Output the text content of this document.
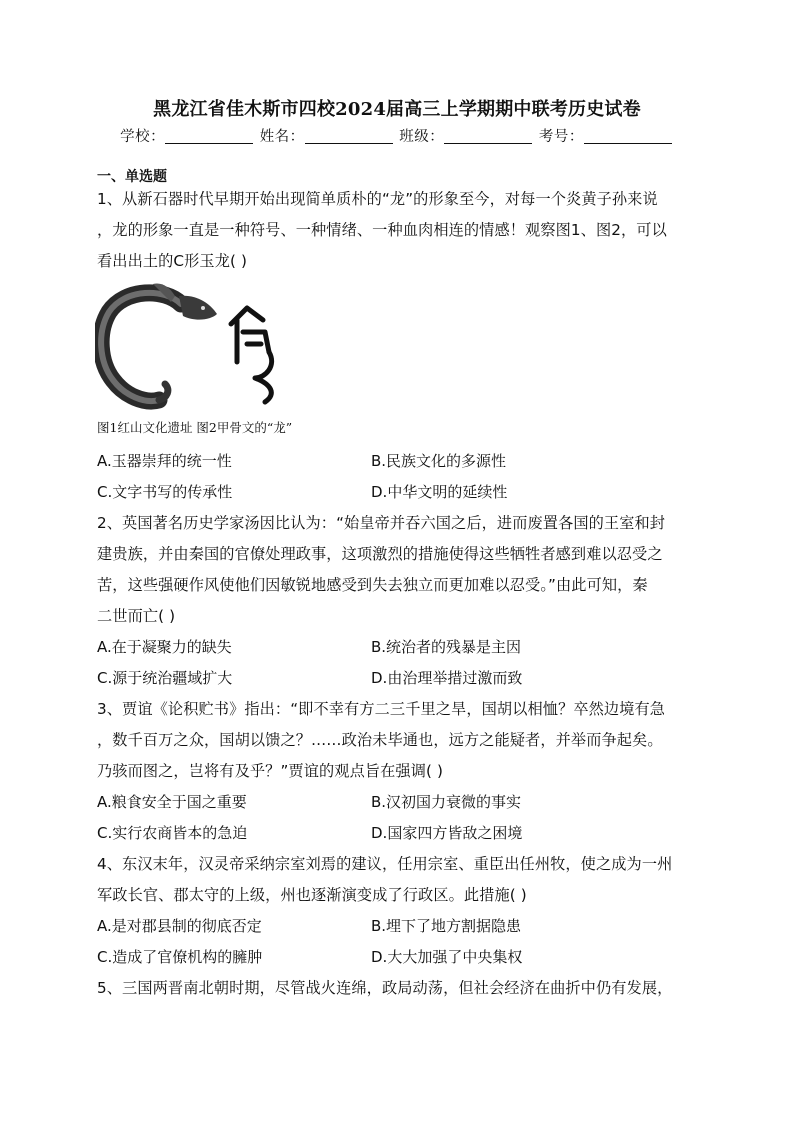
黑龙江省佳木斯市四校2024届高三上学期期中联考历史试卷
学校：	姓名：	班级：	考号：
一、单选题
1、从新石器时代早期开始出现简单质朴的“龙”的形象至今，对每一个炎黄子孙来说
，龙的形象一直是一种符号、一种情绪、一种血肉相连的情感！观察图1、图2，可以
看出出土的C形玉龙( )
图1红山文化遗址 图2甲骨文的“龙”
A.玉器崇拜的统一性	B.民族文化的多源性
C.文字书写的传承性	D.中华文明的延续性
2、英国著名历史学家汤因比认为：“始皇帝并吞六国之后，进而废置各国的王室和封
建贵族，并由秦国的官僚处理政事，这项激烈的措施使得这些牺牲者感到难以忍受之
苦，这些强硬作风使他们因敏锐地感受到失去独立而更加难以忍受。”由此可知，秦
二世而亡( )
A.在于凝聚力的缺失	B.统治者的残暴是主因
C.源于统治疆域扩大	D.由治理举措过激而致
3、贾谊《论积贮书》指出：“即不幸有方二三千里之旱，国胡以相恤？卒然边境有急
，数千百万之众，国胡以馈之？……政治未毕通也，远方之能疑者，并举而争起矣。
乃骇而图之，岂将有及乎？”贾谊的观点旨在强调( )
A.粮食安全于国之重要	B.汉初国力衰微的事实
C.实行农商皆本的急迫	D.国家四方皆敌之困境
4、东汉末年，汉灵帝采纳宗室刘焉的建议，任用宗室、重臣出任州牧，使之成为一州
军政长官、郡太守的上级，州也逐渐演变成了行政区。此措施( )
A.是对郡县制的彻底否定	B.埋下了地方割据隐患
C.造成了官僚机构的臃肿	D.大大加强了中央集权
5、三国两晋南北朝时期，尽管战火连绵，政局动荡，但社会经济在曲折中仍有发展，
